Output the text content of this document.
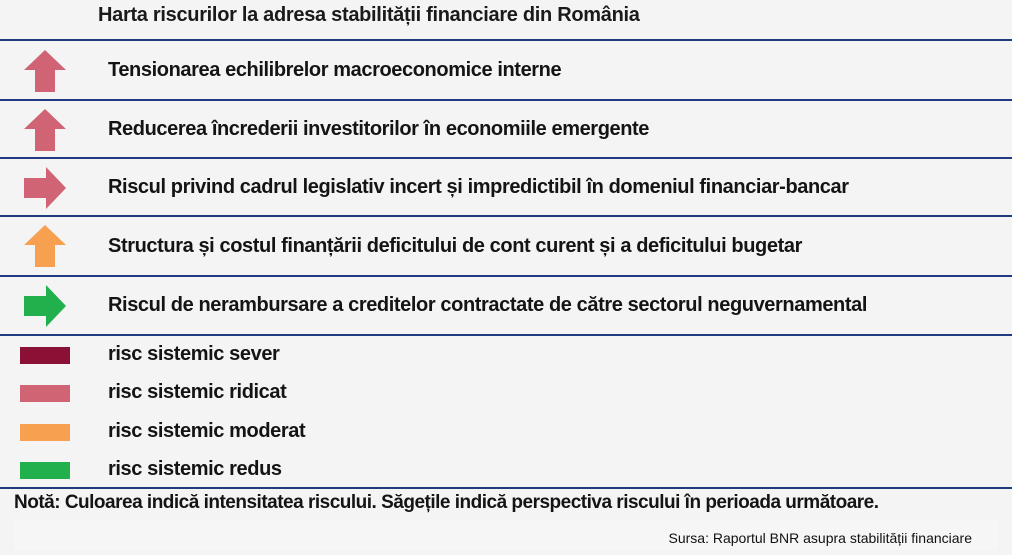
Harta riscurilor la adresa stabilității financiare din România
Tensionarea echilibrelor macroeconomice interne
Reducerea încrederii investitorilor în economiile emergente
Riscul privind cadrul legislativ incert și impredictibil în domeniul financiar-bancar
Structura și costul finanțării deficitului de cont curent și a deficitului bugetar
Riscul de nerambursare a creditelor contractate de către sectorul neguvernamental
risc sistemic sever
risc sistemic ridicat
risc sistemic moderat
risc sistemic redus
Notă: Culoarea indică intensitatea riscului. Săgețile indică perspectiva riscului în perioada următoare.
Sursa: Raportul BNR asupra stabilității financiare
